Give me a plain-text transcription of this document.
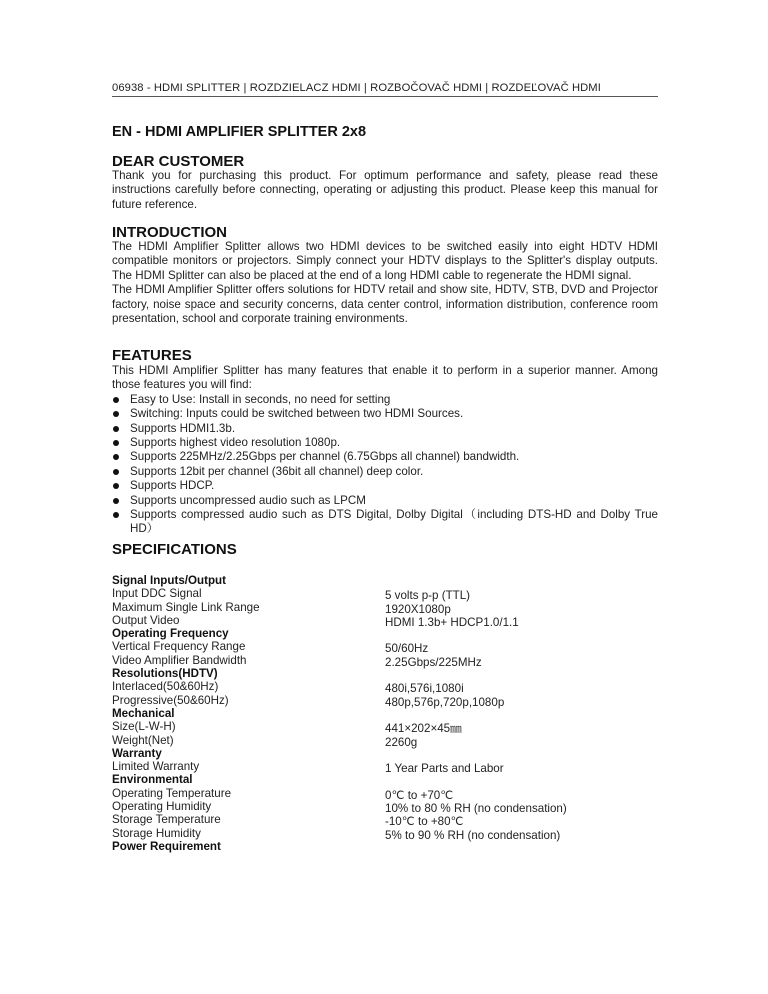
06938 - HDMI SPLITTER | ROZDZIELACZ HDMI | ROZBOČOVAČ HDMI | ROZDEĽOVAČ HDMI
EN - HDMI AMPLIFIER SPLITTER 2x8
DEAR CUSTOMER

Thank you for purchasing this product. For optimum performance and safety, please read these instructions carefully before connecting, operating or adjusting this product. Please keep this manual for future reference.

INTRODUCTION

The HDMI Amplifier Splitter allows two HDMI devices to be switched easily into eight HDTV HDMI compatible monitors or projectors. Simply connect your HDTV displays to the Splitter's display outputs. The HDMI Splitter can also be placed at the end of a long HDMI cable to regenerate the HDMI signal.

The HDMI Amplifier Splitter offers solutions for HDTV retail and show site, HDTV, STB, DVD and Projector factory, noise space and security concerns, data center control, information distribution, conference room presentation, school and corporate training environments.

FEATURES

This HDMI Amplifier Splitter has many features that enable it to perform in a superior manner. Among those features you will find:

Easy to Use: Install in seconds, no need for setting
Switching: Inputs could be switched between two HDMI Sources.
Supports HDMI1.3b.
Supports highest video resolution 1080p.
Supports 225MHz/2.25Gbps per channel (6.75Gbps all channel) bandwidth.
Supports 12bit per channel (36bit all channel) deep color.
Supports HDCP.
Supports uncompressed audio such as LPCM
Supports compressed audio such as DTS Digital, Dolby Digital（including DTS-HD and Dolby True HD）
SPECIFICATIONS
Signal Inputs/Output
Input DDC Signal	5 volts p-p (TTL)
Maximum Single Link Range	1920X1080p
Output Video	HDMI 1.3b+ HDCP1.0/1.1
Operating Frequency
Vertical Frequency Range	50/60Hz
Video Amplifier Bandwidth	2.25Gbps/225MHz
Resolutions(HDTV)
Interlaced(50&60Hz)	480i,576i,1080i
Progressive(50&60Hz)	480p,576p,720p,1080p
Mechanical
Size(L-W-H)	441×202×45㎜
Weight(Net)	2260g
Warranty
Limited Warranty	1 Year Parts and Labor
Environmental
Operating Temperature	0℃ to +70℃
Operating Humidity	10% to 80 % RH (no condensation)
Storage Temperature	-10℃ to +80℃
Storage Humidity	5% to 90 % RH (no condensation)
Power Requirement
